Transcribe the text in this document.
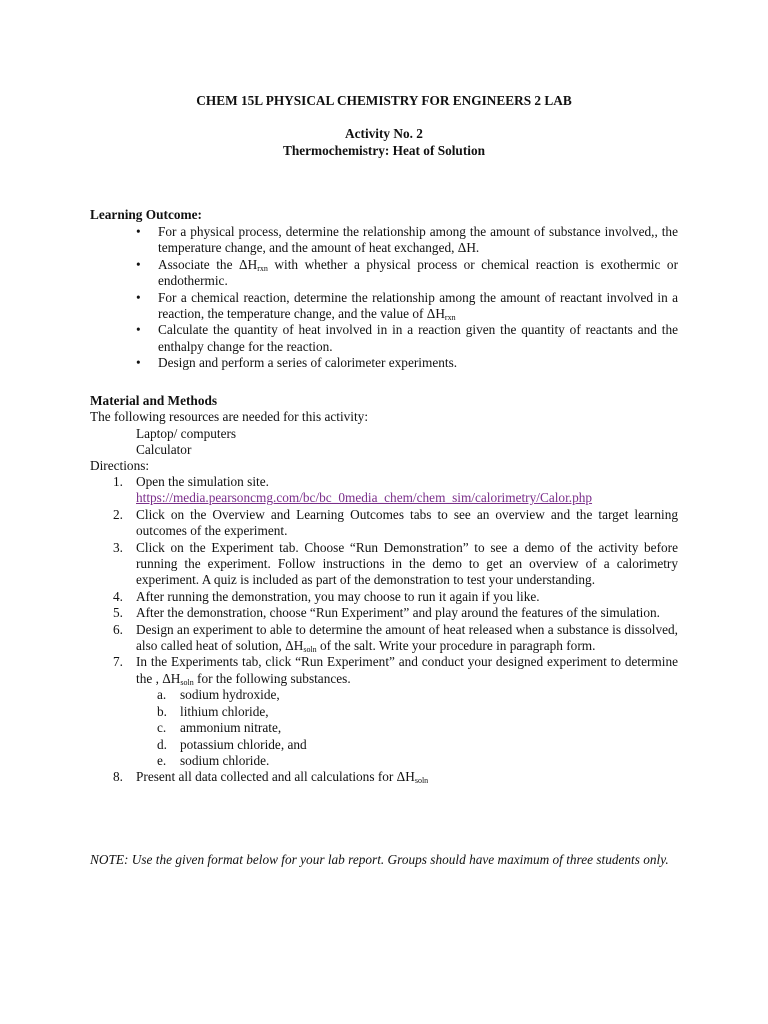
CHEM 15L PHYSICAL CHEMISTRY FOR ENGINEERS 2 LAB
Activity No. 2
Thermochemistry: Heat of Solution
Learning Outcome:
• For a physical process, determine the relationship among the amount of substance involved,, the temperature change, and the amount of heat exchanged, ΔH.
• Associate the $\Delta H_{rxn}$ with whether a physical process or chemical reaction is exothermic or endothermic.
• For a chemical reaction, determine the relationship among the amount of reactant involved in a reaction, the temperature change, and the value of $\Delta H_{rxn}$
• Calculate the quantity of heat involved in in a reaction given the quantity of reactants and the enthalpy change for the reaction.
• Design and perform a series of calorimeter experiments.
Material and Methods
The following resources are needed for this activity:
Laptop/ computers
Calculator
Directions:
1. Open the simulation site.
https://media.pearsoncmg.com/bc/bc_0media_chem/chem_sim/calorimetry/Calor.php
2. Click on the Overview and Learning Outcomes tabs to see an overview and the target learning outcomes of the experiment.
3. Click on the Experiment tab. Choose “Run Demonstration” to see a demo of the activity before running the experiment. Follow instructions in the demo to get an overview of a calorimetry experiment. A quiz is included as part of the demonstration to test your understanding.
4. After running the demonstration, you may choose to run it again if you like.
5. After the demonstration, choose “Run Experiment” and play around the features of the simulation.
6. Design an experiment to able to determine the amount of heat released when a substance is dissolved, also called heat of solution, $\Delta H_{soln}$ of the salt. Write your procedure in paragraph form.
7. In the Experiments tab, click “Run Experiment” and conduct your designed experiment to determine the , $\Delta H_{soln}$ for the following substances.
a. sodium hydroxide,
b. lithium chloride,
c. ammonium nitrate,
d. potassium chloride, and
e. sodium chloride.
8. Present all data collected and all calculations for $\Delta H_{soln}$
NOTE: Use the given format below for your lab report. Groups should have maximum of three students only.
